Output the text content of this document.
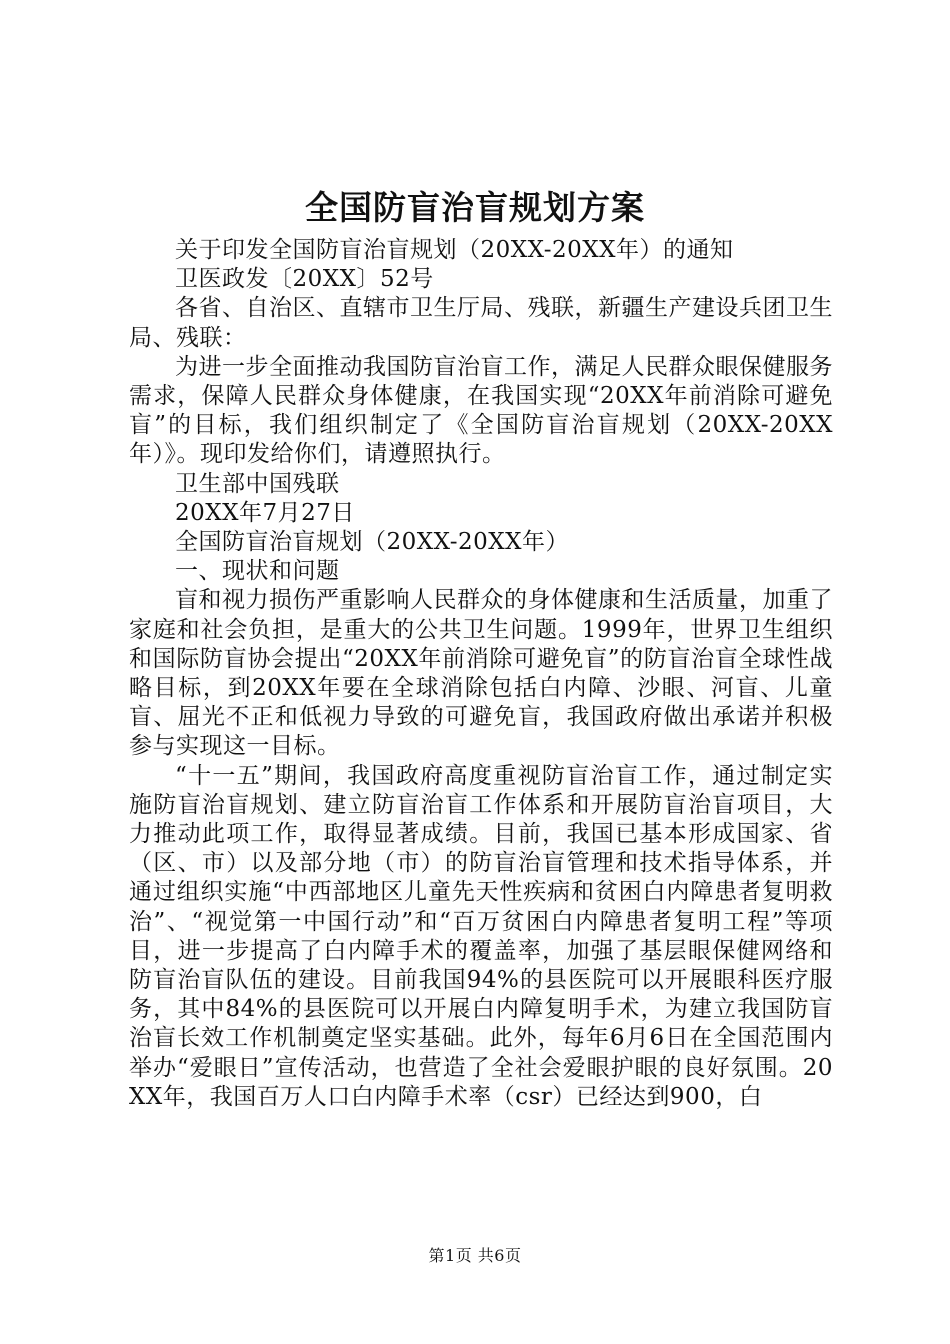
全国防盲治盲规划方案

关于印发全国防盲治盲规划（20XX-20XX年）的通知

卫医政发〔20XX〕52号

各省、自治区、直辖市卫生厅局、残联，新疆生产建设兵团卫生局、残联：

为进一步全面推动我国防盲治盲工作，满足人民群众眼保健服务需求，保障人民群众身体健康，在我国实现“20XX年前消除可避免盲”的目标，我们组织制定了《全国防盲治盲规划（20XX-20XX年）》。现印发给你们，请遵照执行。

卫生部中国残联

20XX年7月27日

全国防盲治盲规划（20XX-20XX年）

一、现状和问题

盲和视力损伤严重影响人民群众的身体健康和生活质量，加重了家庭和社会负担，是重大的公共卫生问题。1999年，世界卫生组织和国际防盲协会提出“20XX年前消除可避免盲”的防盲治盲全球性战略目标，到20XX年要在全球消除包括白内障、沙眼、河盲、儿童盲、屈光不正和低视力导致的可避免盲，我国政府做出承诺并积极参与实现这一目标。

“十一五”期间，我国政府高度重视防盲治盲工作，通过制定实施防盲治盲规划、建立防盲治盲工作体系和开展防盲治盲项目，大力推动此项工作，取得显著成绩。目前，我国已基本形成国家、省（区、市）以及部分地（市）的防盲治盲管理和技术指导体系，并通过组织实施“中西部地区儿童先天性疾病和贫困白内障患者复明救治”、“视觉第一中国行动”和“百万贫困白内障患者复明工程”等项目，进一步提高了白内障手术的覆盖率，加强了基层眼保健网络和防盲治盲队伍的建设。目前我国94%的县医院可以开展眼科医疗服务，其中84%的县医院可以开展白内障复明手术，为建立我国防盲治盲长效工作机制奠定坚实基础。此外，每年6月6日在全国范围内举办“爱眼日”宣传活动，也营造了全社会爱眼护眼的良好氛围。20XX年，我国百万人口白内障手术率（csr）已经达到900，白

第1页 共6页
